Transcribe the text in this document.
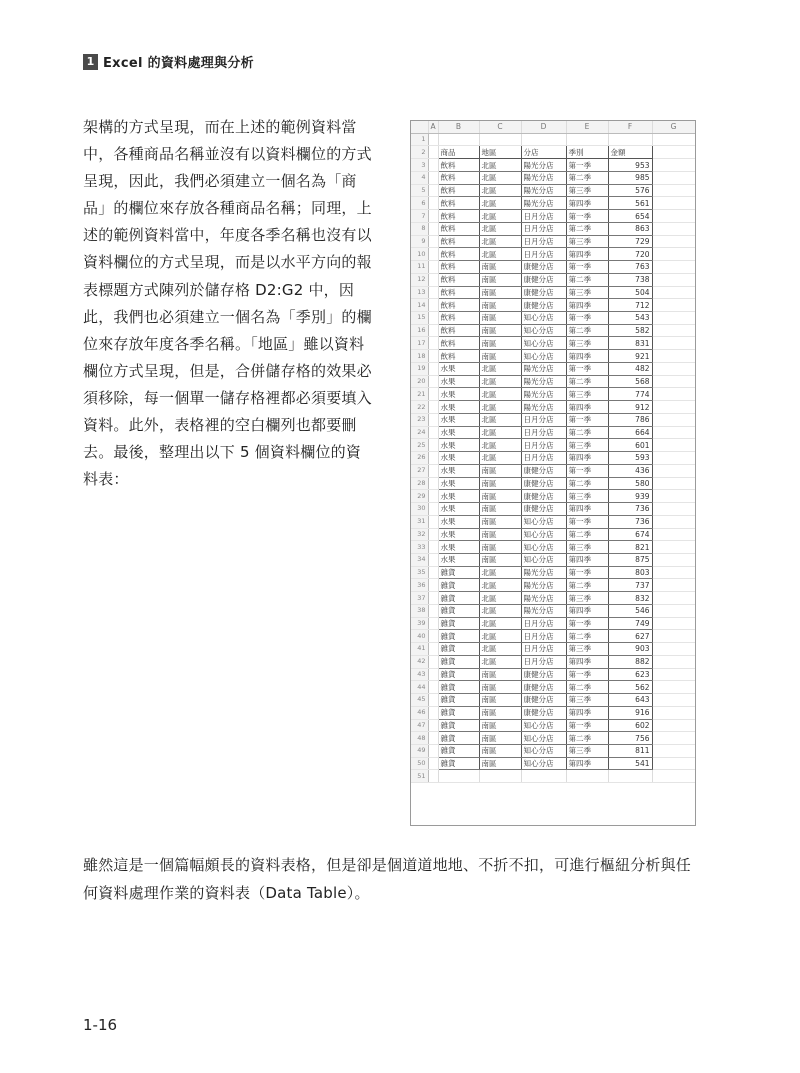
1 Excel 的資料處理與分析

架構的方式呈現，而在上述的範例資料當中，各種商品名稱並沒有以資料欄位的方式呈現，因此，我們必須建立一個名為「商品」的欄位來存放各種商品名稱；同理，上述的範例資料當中，年度各季名稱也沒有以資料欄位的方式呈現，而是以水平方向的報表標題方式陳列於儲存格 D2:G2 中，因此，我們也必須建立一個名為「季別」的欄位來存放年度各季名稱。「地區」雖以資料欄位方式呈現，但是，合併儲存格的效果必須移除，每一個單一儲存格裡都必須要填入資料。此外，表格裡的空白欄列也都要刪去。最後，整理出以下 5 個資料欄位的資料表：

	A	B	C	D	E	F	G
1							
2		商品	地區	分店	季別	金額	
3		飲料	北區	陽光分店	第一季	953	
4		飲料	北區	陽光分店	第二季	985	
5		飲料	北區	陽光分店	第三季	576	
6		飲料	北區	陽光分店	第四季	561	
7		飲料	北區	日月分店	第一季	654	
8		飲料	北區	日月分店	第二季	863	
9		飲料	北區	日月分店	第三季	729	
10		飲料	北區	日月分店	第四季	720	
11		飲料	南區	康健分店	第一季	763	
12		飲料	南區	康健分店	第二季	738	
13		飲料	南區	康健分店	第三季	504	
14		飲料	南區	康健分店	第四季	712	
15		飲料	南區	知心分店	第一季	543	
16		飲料	南區	知心分店	第二季	582	
17		飲料	南區	知心分店	第三季	831	
18		飲料	南區	知心分店	第四季	921	
19		水果	北區	陽光分店	第一季	482	
20		水果	北區	陽光分店	第二季	568	
21		水果	北區	陽光分店	第三季	774	
22		水果	北區	陽光分店	第四季	912	
23		水果	北區	日月分店	第一季	786	
24		水果	北區	日月分店	第二季	664	
25		水果	北區	日月分店	第三季	601	
26		水果	北區	日月分店	第四季	593	
27		水果	南區	康健分店	第一季	436	
28		水果	南區	康健分店	第二季	580	
29		水果	南區	康健分店	第三季	939	
30		水果	南區	康健分店	第四季	736	
31		水果	南區	知心分店	第一季	736	
32		水果	南區	知心分店	第二季	674	
33		水果	南區	知心分店	第三季	821	
34		水果	南區	知心分店	第四季	875	
35		雜貨	北區	陽光分店	第一季	803	
36		雜貨	北區	陽光分店	第二季	737	
37		雜貨	北區	陽光分店	第三季	832	
38		雜貨	北區	陽光分店	第四季	546	
39		雜貨	北區	日月分店	第一季	749	
40		雜貨	北區	日月分店	第二季	627	
41		雜貨	北區	日月分店	第三季	903	
42		雜貨	北區	日月分店	第四季	882	
43		雜貨	南區	康健分店	第一季	623	
44		雜貨	南區	康健分店	第二季	562	
45		雜貨	南區	康健分店	第三季	643	
46		雜貨	南區	康健分店	第四季	916	
47		雜貨	南區	知心分店	第一季	602	
48		雜貨	南區	知心分店	第二季	756	
49		雜貨	南區	知心分店	第三季	811	
50		雜貨	南區	知心分店	第四季	541	
51							

雖然這是一個篇幅頗長的資料表格，但是卻是個道道地地、不折不扣，可進行樞紐分析與任何資料處理作業的資料表（Data Table）。

1-16
